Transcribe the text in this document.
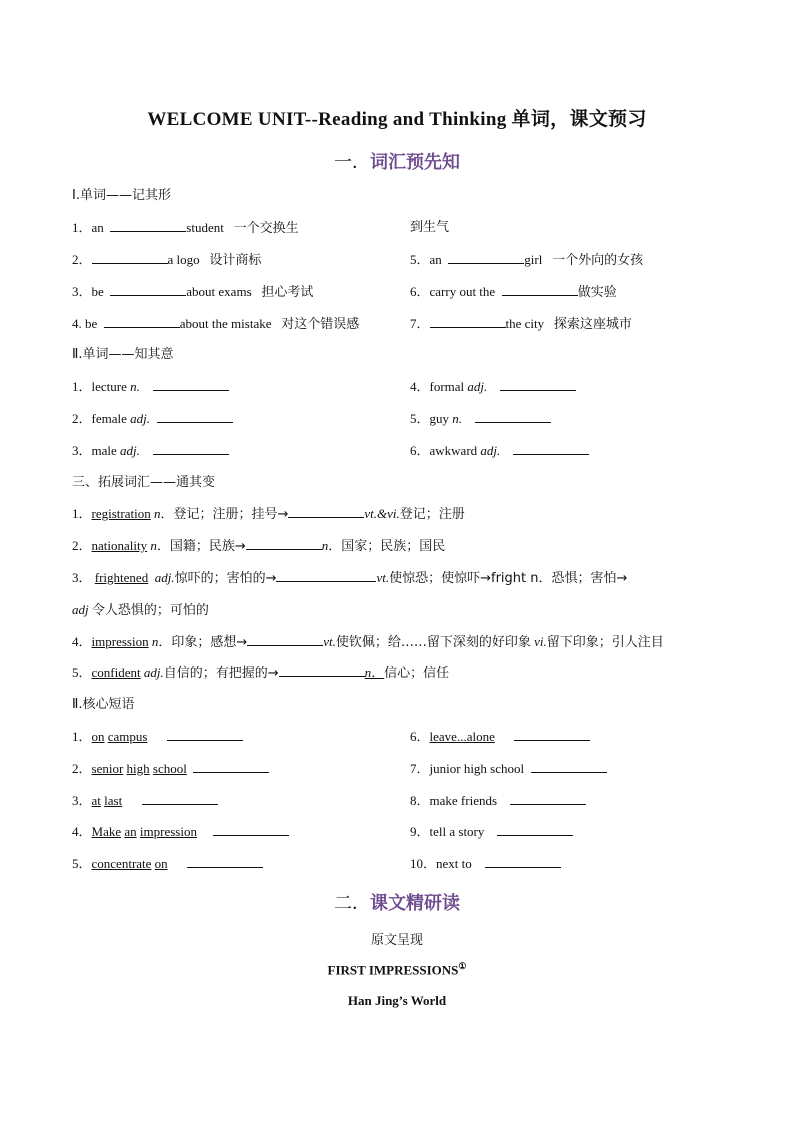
WELCOME UNIT--Reading and Thinking 单词，课文预习
一．词汇预先知
Ⅰ.单词——记其形
1．an	student 一个交换生	到生气
2．	a logo 设计商标	5．an	girl 一个外向的女孩
3．be	about exams 担心考试	6．carry out the	做实验
4. be	about the mistake 对这个错误感	7．	the city 探索这座城市
Ⅱ.单词——知其意
1．lecture n.	4．formal adj.
2．female adj.	5．guy n.
3．male adj.	6．awkward adj.
三、拓展词汇——通其变
1．registration n．登记；注册；挂号→	vt.&vi.登记；注册
2．nationality n．国籍；民族→	n．国家；民族；国民
3． frightened adj.惊吓的；害怕的→	vt.使惊恐；使惊吓→fright n．恐惧；害怕→
adj 令人恐惧的；可怕的
4．impression n．印象；感想→	vt.使钦佩；给……留下深刻的好印象 vi.留下印象；引人注目
5．confident adj.自信的；有把握的→	n．信心；信任
Ⅱ.核心短语
1．on campus	6．leave...alone
2．senior high school	7．junior high school
3．at last	8．make friends
4．Make an impression	9．tell a story
5．concentrate on	10．next to
二．课文精研读
原文呈现
FIRST IMPRESSIONS①
Han Jing’s World
